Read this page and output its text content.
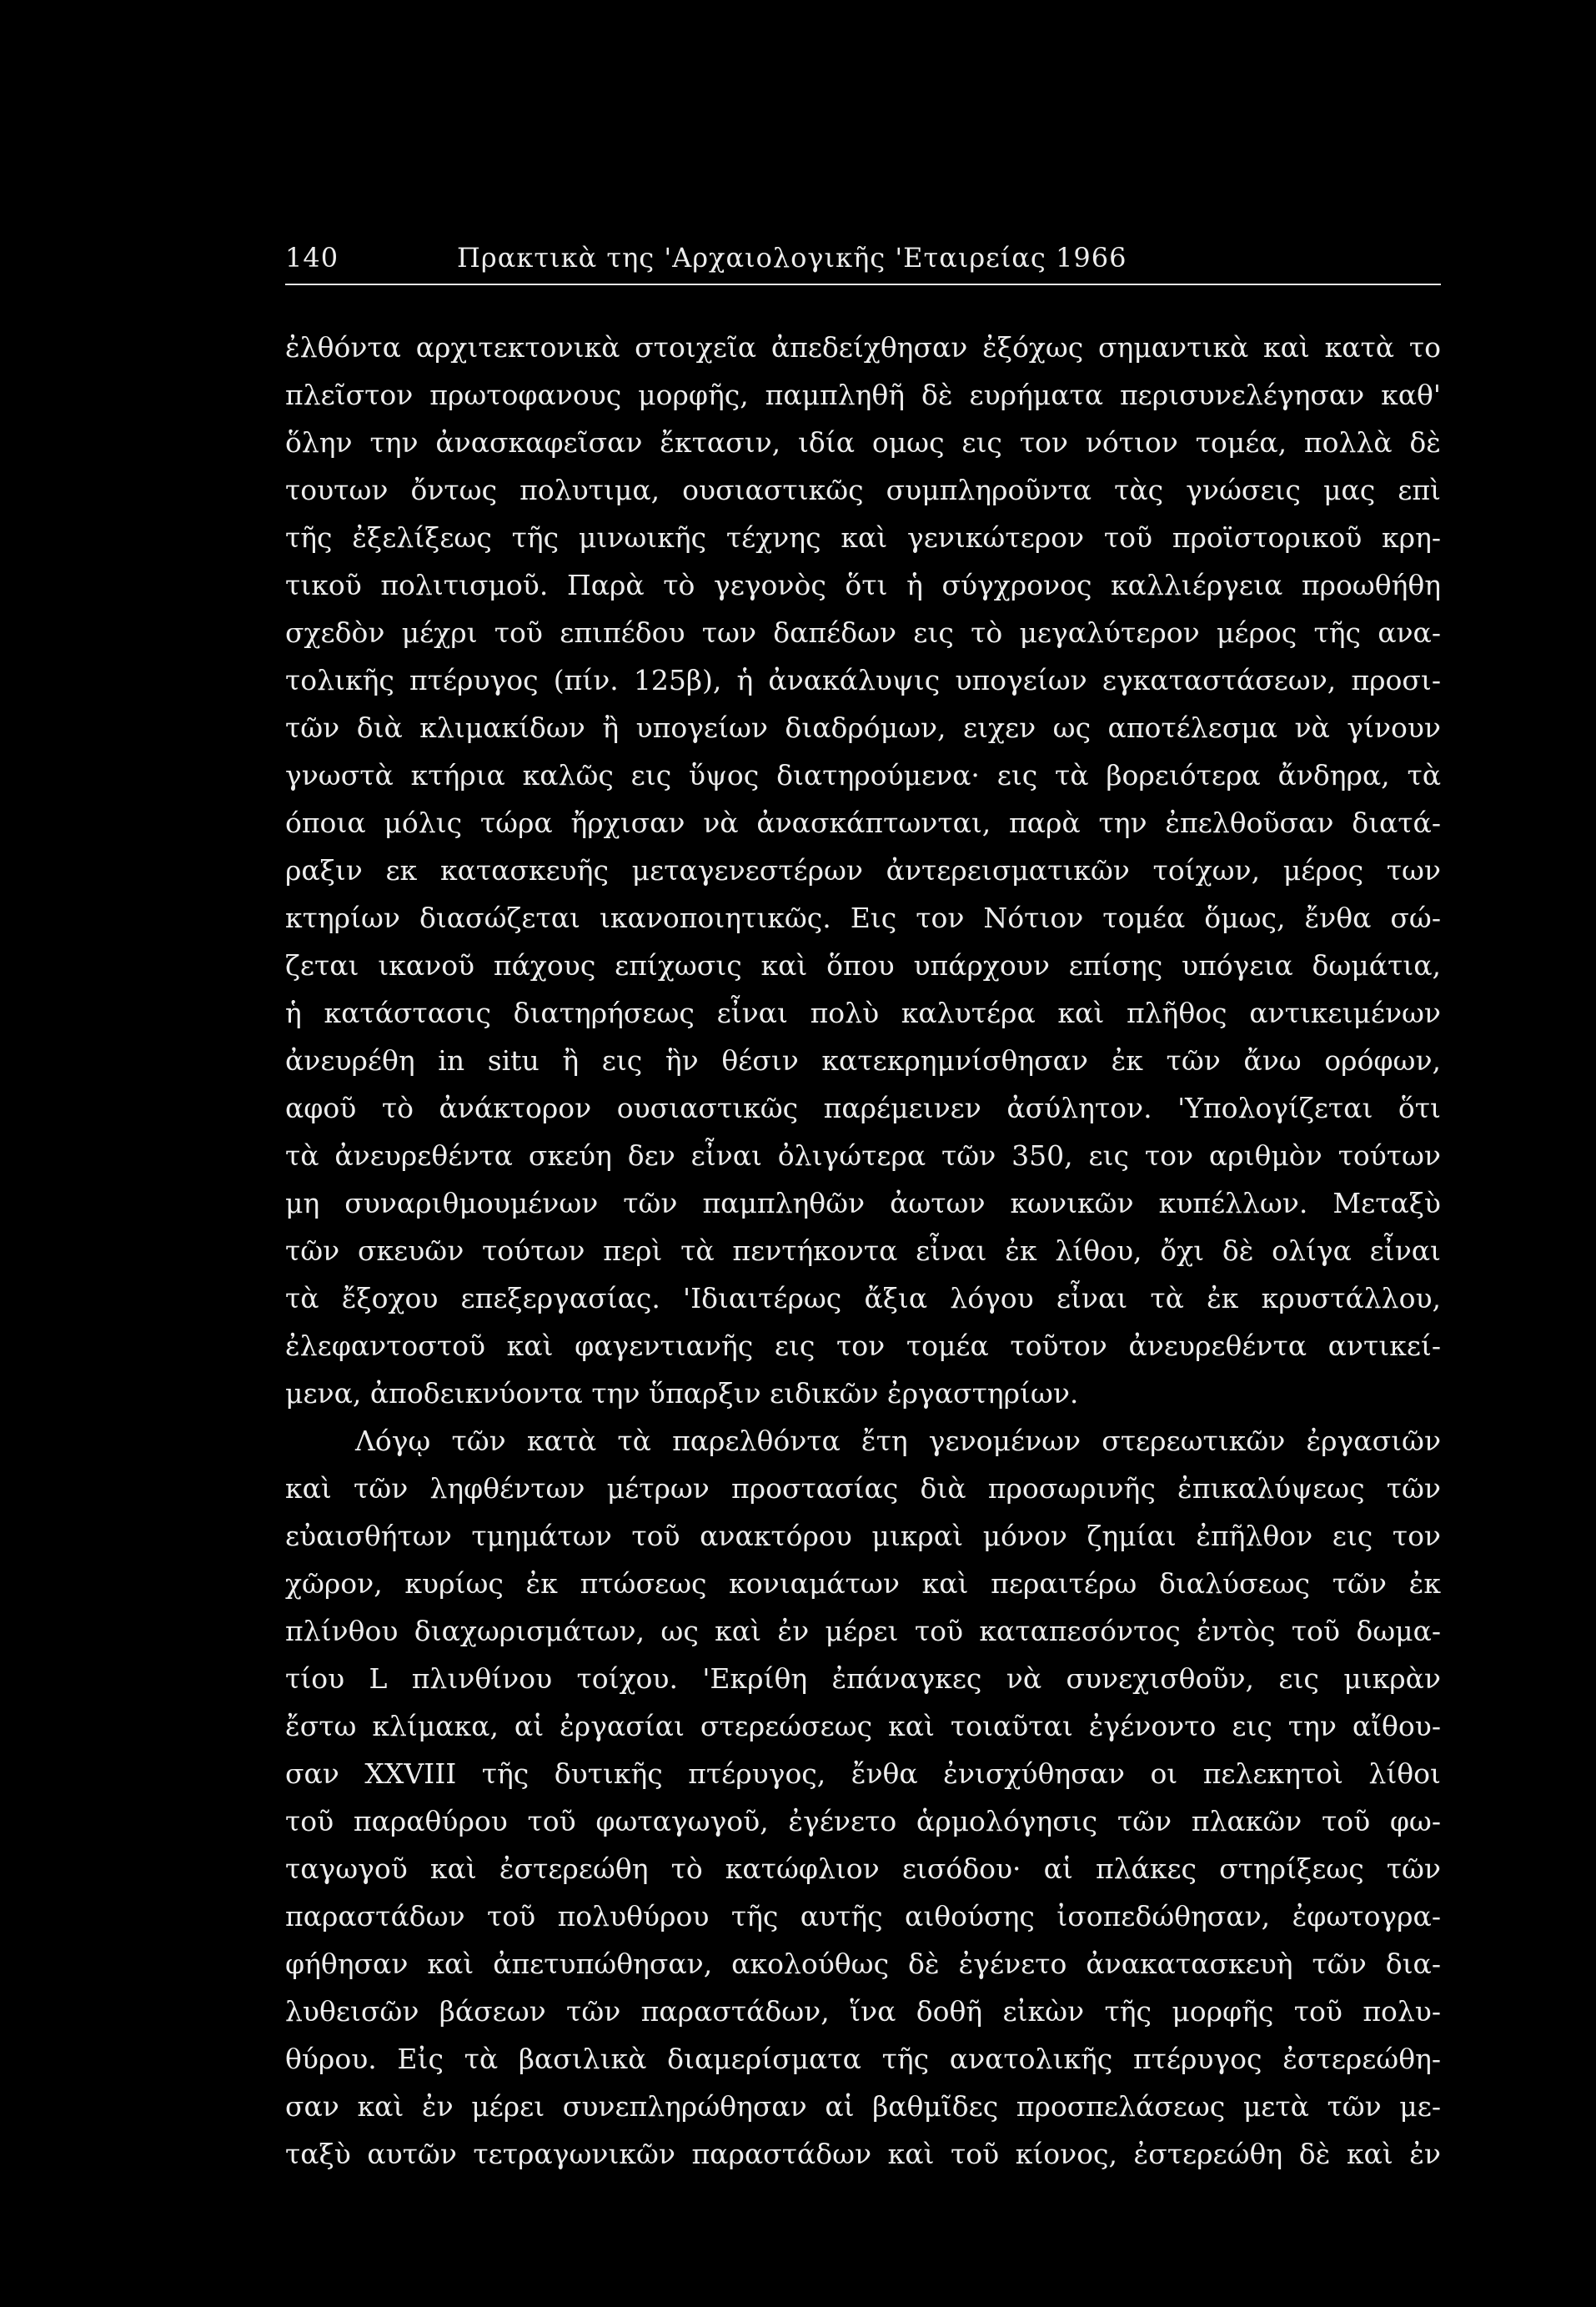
140	Πρακτικὰ της 'Αρχαιολογικῆς 'Εταιρείας 1966
ἐλθόντα αρχιτεκτονικὰ στοιχεῖα ἀπεδείχθησαν ἐξόχως σημαντικὰ καὶ κατὰ το
πλεῖστον πρωτοφανους μορφῆς, παμπληθῆ δὲ ευρήματα περισυνελέγησαν καθ'
ὅλην την ἀνασκαφεῖσαν ἔκτασιν, ιδία ομως εις τον νότιον τομέα, πολλὰ δὲ
τουτων ὄντως πολυτιμα, ουσιαστικῶς συμπληροῦντα τὰς γνώσεις μας επὶ
τῆς ἐξελίξεως τῆς μινωικῆς τέχνης καὶ γενικώτερον τοῦ προϊστορικοῦ κρη-
τικοῦ πολιτισμοῦ. Παρὰ τὸ γεγονὸς ὅτι ἡ σύγχρονος καλλιέργεια προωθήθη
σχεδὸν μέχρι τοῦ επιπέδου των δαπέδων εις τὸ μεγαλύτερον μέρος τῆς ανα-
τολικῆς πτέρυγος (πίν. 125β), ἡ ἀνακάλυψις υπογείων εγκαταστάσεων, προσι-
τῶν διὰ κλιμακίδων ἢ υπογείων διαδρόμων, ειχεν ως αποτέλεσμα νὰ γίνουν
γνωστὰ κτήρια καλῶς εις ὕψος διατηρούμενα· εις τὰ βορειότερα ἄνδηρα, τὰ
όποια μόλις τώρα ἤρχισαν νὰ ἀνασκάπτωνται, παρὰ την ἐπελθοῦσαν διατά-
ραξιν εκ κατασκευῆς μεταγενεστέρων ἀντερεισματικῶν τοίχων, μέρος των
κτηρίων διασώζεται ικανοποιητικῶς. Εις τον Νότιον τομέα ὅμως, ἔνθα σώ-
ζεται ικανοῦ πάχους επίχωσις καὶ ὅπου υπάρχουν επίσης υπόγεια δωμάτια,
ἡ κατάστασις διατηρήσεως εἶναι πολὺ καλυτέρα καὶ πλῆθος αντικειμένων
ἀνευρέθη in situ ἢ εις ἣν θέσιν κατεκρημνίσθησαν ἐκ τῶν ἄνω ορόφων,
αφοῦ τὸ ἀνάκτορον ουσιαστικῶς παρέμεινεν ἀσύλητον. 'Υπολογίζεται ὅτι
τὰ ἀνευρεθέντα σκεύη δεν εἶναι ὀλιγώτερα τῶν 350, εις τον αριθμὸν τούτων
μη συναριθμουμένων τῶν παμπληθῶν ἀωτων κωνικῶν κυπέλλων. Μεταξὺ
τῶν σκευῶν τούτων περὶ τὰ πεντήκοντα εἶναι ἐκ λίθου, ὄχι δὲ ολίγα εἶναι
τὰ ἔξοχου επεξεργασίας. 'Ιδιαιτέρως ἄξια λόγου εἶναι τὰ ἐκ κρυστάλλου,
ἐλεφαντοστοῦ καὶ φαγεντιανῆς εις τον τομέα τοῦτον ἀνευρεθέντα αντικεί-
μενα, ἀποδεικνύοντα την ὕπαρξιν ειδικῶν ἐργαστηρίων.
Λόγῳ τῶν κατὰ τὰ παρελθόντα ἔτη γενομένων στερεωτικῶν ἐργασιῶν
καὶ τῶν ληφθέντων μέτρων προστασίας διὰ προσωρινῆς ἐπικαλύψεως τῶν
εὐαισθήτων τμημάτων τοῦ ανακτόρου μικραὶ μόνον ζημίαι ἐπῆλθον εις τον
χῶρον, κυρίως ἐκ πτώσεως κονιαμάτων καὶ περαιτέρω διαλύσεως τῶν ἐκ
πλίνθου διαχωρισμάτων, ως καὶ ἐν μέρει τοῦ καταπεσόντος ἐντὸς τοῦ δωμα-
τίου L πλινθίνου τοίχου. 'Εκρίθη ἐπάναγκες νὰ συνεχισθοῦν, εις μικρὰν
ἔστω κλίμακα, αἱ ἐργασίαι στερεώσεως καὶ τοιαῦται ἐγένοντο εις την αἴθου-
σαν XXVIII τῆς δυτικῆς πτέρυγος, ἔνθα ἐνισχύθησαν οι πελεκητοὶ λίθοι
τοῦ παραθύρου τοῦ φωταγωγοῦ, ἐγένετο ἁρμολόγησις τῶν πλακῶν τοῦ φω-
ταγωγοῦ καὶ ἐστερεώθη τὸ κατώφλιον εισόδου· αἱ πλάκες στηρίξεως τῶν
παραστάδων τοῦ πολυθύρου τῆς αυτῆς αιθούσης ἰσοπεδώθησαν, ἐφωτογρα-
φήθησαν καὶ ἀπετυπώθησαν, ακολούθως δὲ ἐγένετο ἀνακατασκευὴ τῶν δια-
λυθεισῶν βάσεων τῶν παραστάδων, ἵνα δοθῆ εἰκὼν τῆς μορφῆς τοῦ πολυ-
θύρου. Εἰς τὰ βασιλικὰ διαμερίσματα τῆς ανατολικῆς πτέρυγος ἐστερεώθη-
σαν καὶ ἐν μέρει συνεπληρώθησαν αἱ βαθμῖδες προσπελάσεως μετὰ τῶν με-
ταξὺ αυτῶν τετραγωνικῶν παραστάδων καὶ τοῦ κίονος, ἐστερεώθη δὲ καὶ ἐν
